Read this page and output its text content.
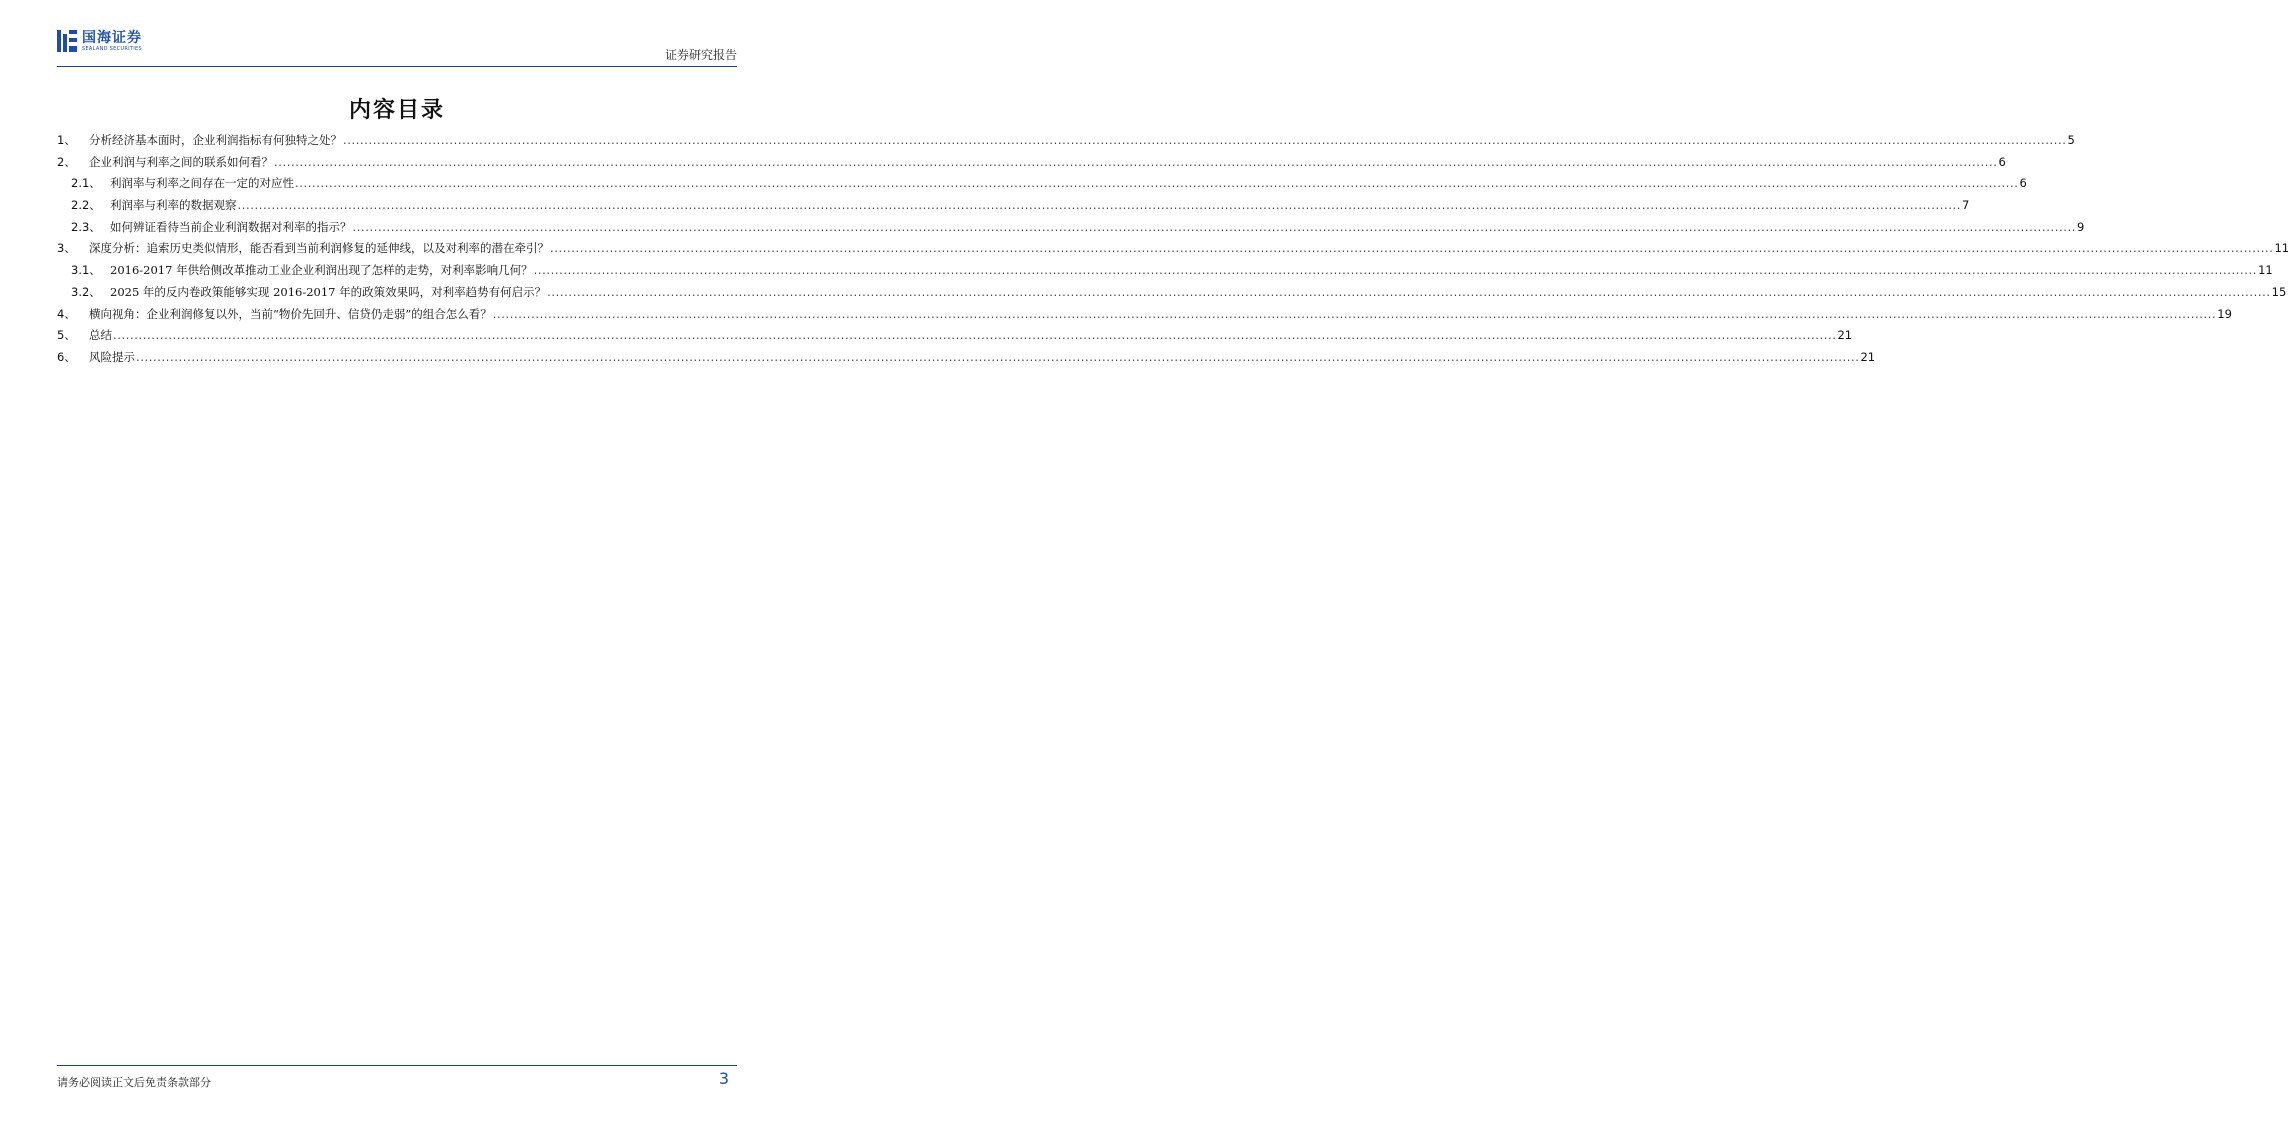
国海证券
SEALAND SECURITIES	证券研究报告
内容目录
1、	分析经济基本面时，企业利润指标有何独特之处？ .....	5
2、	企业利润与利率之间的联系如何看？ .....	6
2.1、 利润率与利率之间存在一定的对应性 .....	6
2.2、 利润率与利率的数据观察 .....	7
2.3、 如何辨证看待当前企业利润数据对利率的指示？ .....	9
3、	深度分析：追索历史类似情形，能否看到当前利润修复的延伸线，以及对利率的潜在牵引？ .....	11
3.1、 2016-2017 年供给侧改革推动工业企业利润出现了怎样的走势，对利率影响几何？ .....	11
3.2、 2025 年的反内卷政策能够实现 2016-2017 年的政策效果吗，对利率趋势有何启示？ .....	15
4、	横向视角：企业利润修复以外，当前“物价先回升、信贷仍走弱”的组合怎么看？ .....	19
5、	总结 .....	21
6、	风险提示 .....	21
请务必阅读正文后免责条款部分	3
